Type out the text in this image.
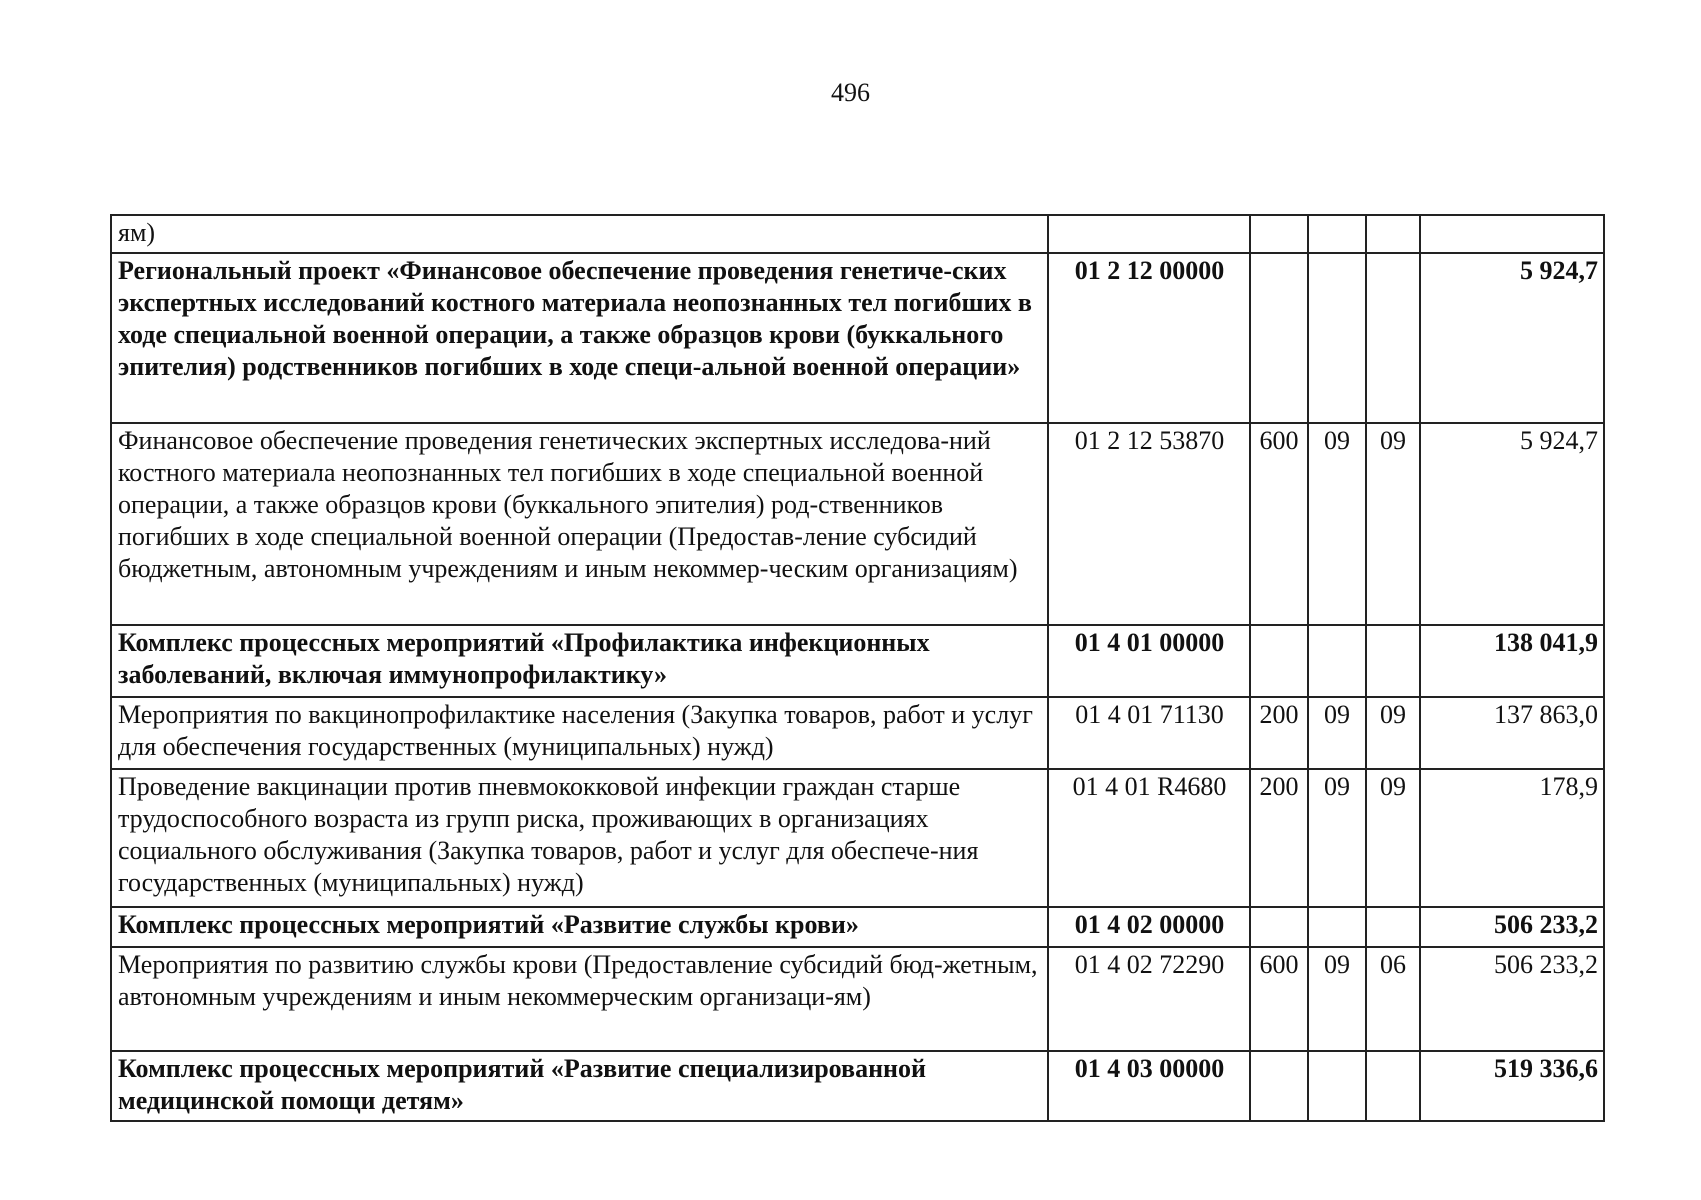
496
ям)					
Региональный проект «Финансовое обеспечение проведения генетиче-ских экспертных исследований костного материала неопознанных тел погибших в ходе специальной военной операции, а также образцов крови (буккального эпителия) родственников погибших в ходе специ-альной военной операции»	01 2 12 00000				5 924,7
Финансовое обеспечение проведения генетических экспертных исследова-ний костного материала неопознанных тел погибших в ходе специальной военной операции, а также образцов крови (буккального эпителия) род-ственников погибших в ходе специальной военной операции (Предостав-ление субсидий бюджетным, автономным учреждениям и иным некоммер-ческим организациям)	01 2 12 53870	600	09	09	5 924,7
Комплекс процессных мероприятий «Профилактика инфекционных заболеваний, включая иммунопрофилактику»	01 4 01 00000				138 041,9
Мероприятия по вакцинопрофилактике населения (Закупка товаров, работ и услуг для обеспечения государственных (муниципальных) нужд)	01 4 01 71130	200	09	09	137 863,0
Проведение вакцинации против пневмококковой инфекции граждан старше трудоспособного возраста из групп риска, проживающих в организациях социального обслуживания (Закупка товаров, работ и услуг для обеспече-ния государственных (муниципальных) нужд)	01 4 01 R4680	200	09	09	178,9
Комплекс процессных мероприятий «Развитие службы крови»	01 4 02 00000				506 233,2
Мероприятия по развитию службы крови (Предоставление субсидий бюд-жетным, автономным учреждениям и иным некоммерческим организаци-ям)	01 4 02 72290	600	09	06	506 233,2
Комплекс процессных мероприятий «Развитие специализированной медицинской помощи детям»	01 4 03 00000				519 336,6
